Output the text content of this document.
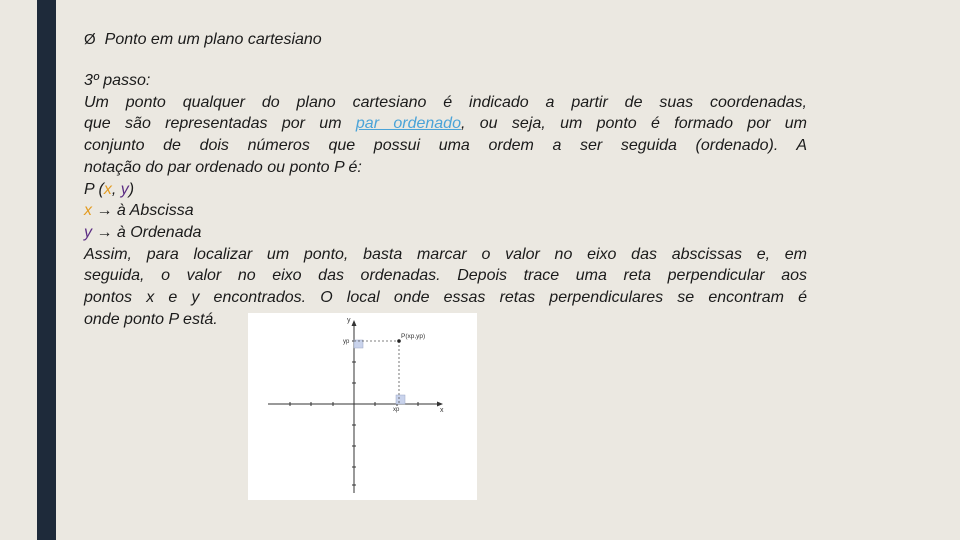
Ø Ponto em um plano cartesiano
3º passo:
Um ponto qualquer do plano cartesiano é indicado a partir de suas coordenadas,
que são representadas por um par ordenado, ou seja, um ponto é formado por um
conjunto de dois números que possui uma ordem a ser seguida (ordenado). A
notação do par ordenado ou ponto P é:
P (x, y)
x → à Abscissa
y → à Ordenada
Assim, para localizar um ponto, basta marcar o valor no eixo das abscissas e, em
seguida, o valor no eixo das ordenadas. Depois trace uma reta perpendicular aos
pontos x e y encontrados. O local onde essas retas perpendiculares se encontram é
onde ponto P está.	y
x
P(xp,yp)
yp
xp
